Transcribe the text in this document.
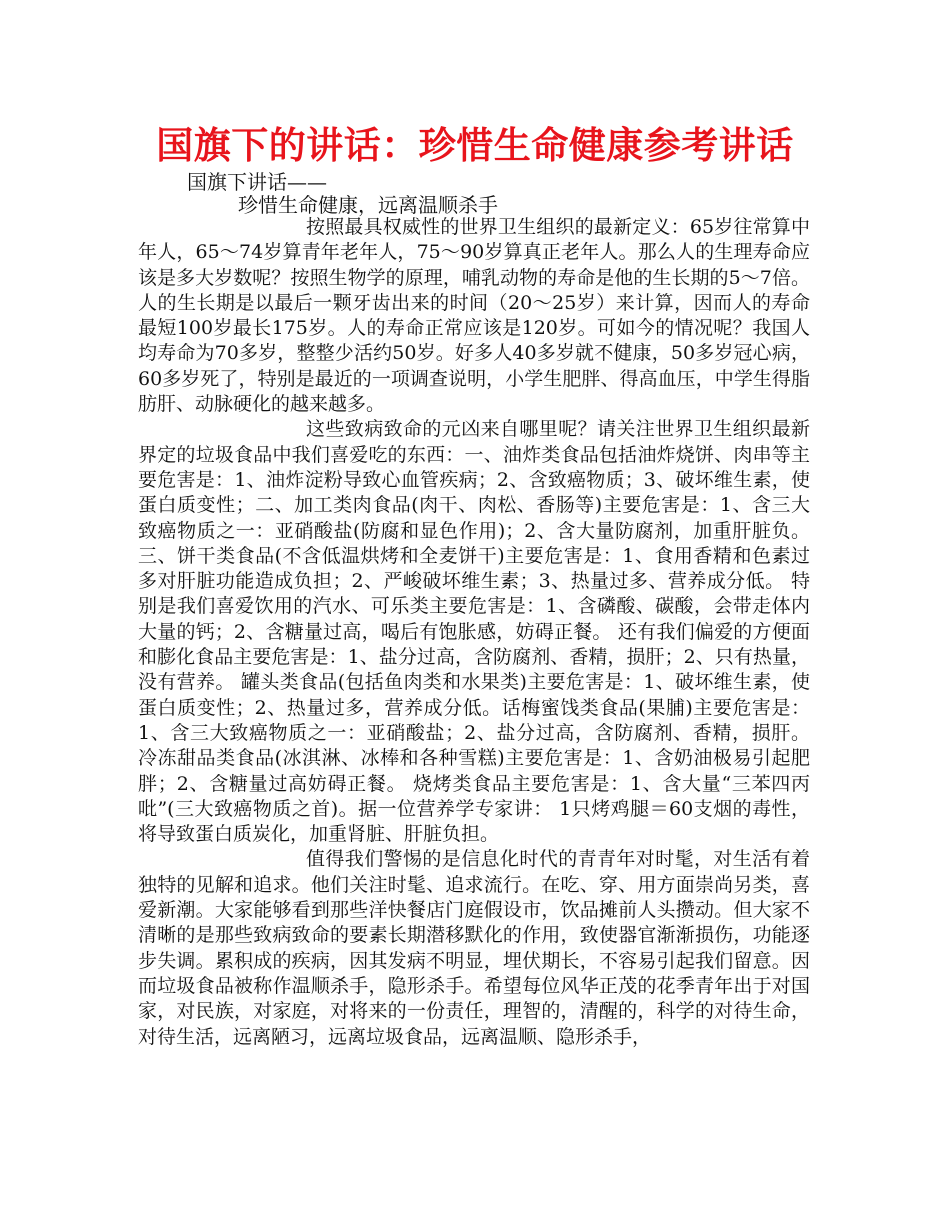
国旗下的讲话：珍惜生命健康参考讲话
国旗下讲话——
珍惜生命健康，远离温顺杀手

按照最具权威性的世界卫生组织的最新定义：65岁往常算中年人，65～74岁算青年老年人，75～90岁算真正老年人。那么人的生理寿命应该是多大岁数呢？按照生物学的原理，哺乳动物的寿命是他的生长期的5～7倍。人的生长期是以最后一颗牙齿出来的时间（20～25岁）来计算，因而人的寿命最短100岁最长175岁。人的寿命正常应该是120岁。可如今的情况呢？我国人均寿命为70多岁，整整少活约50岁。好多人40多岁就不健康，50多岁冠心病，60多岁死了，特别是最近的一项调查说明，小学生肥胖、得高血压，中学生得脂肪肝、动脉硬化的越来越多。

这些致病致命的元凶来自哪里呢？请关注世界卫生组织最新界定的垃圾食品中我们喜爱吃的东西：一、油炸类食品包括油炸烧饼、肉串等主要危害是：1、油炸淀粉导致心血管疾病；2、含致癌物质；3、破坏维生素，使蛋白质变性；二、加工类肉食品(肉干、肉松、香肠等)主要危害是：1、含三大致癌物质之一：亚硝酸盐(防腐和显色作用)；2、含大量防腐剂，加重肝脏负。三、饼干类食品(不含低温烘烤和全麦饼干)主要危害是：1、食用香精和色素过多对肝脏功能造成负担；2、严峻破坏维生素；3、热量过多、营养成分低。 特别是我们喜爱饮用的汽水、可乐类主要危害是：1、含磷酸、碳酸，会带走体内大量的钙；2、含糖量过高，喝后有饱胀感，妨碍正餐。 还有我们偏爱的方便面和膨化食品主要危害是：1、盐分过高，含防腐剂、香精，损肝；2、只有热量，没有营养。 罐头类食品(包括鱼肉类和水果类)主要危害是：1、破坏维生素，使蛋白质变性；2、热量过多，营养成分低。话梅蜜饯类食品(果脯)主要危害是：1、含三大致癌物质之一：亚硝酸盐；2、盐分过高，含防腐剂、香精，损肝。 冷冻甜品类食品(冰淇淋、冰棒和各种雪糕)主要危害是：1、含奶油极易引起肥胖；2、含糖量过高妨碍正餐。 烧烤类食品主要危害是：1、含大量“三苯四丙吡”(三大致癌物质之首)。据一位营养学专家讲： 1只烤鸡腿＝60支烟的毒性，将导致蛋白质炭化，加重肾脏、肝脏负担。

值得我们警惕的是信息化时代的青青年对时髦，对生活有着独特的见解和追求。他们关注时髦、追求流行。在吃、穿、用方面崇尚另类，喜爱新潮。大家能够看到那些洋快餐店门庭假设市，饮品摊前人头攒动。但大家不清晰的是那些致病致命的要素长期潜移默化的作用，致使器官渐渐损伤，功能逐步失调。累积成的疾病，因其发病不明显，埋伏期长，不容易引起我们留意。因而垃圾食品被称作温顺杀手，隐形杀手。希望每位风华正茂的花季青年出于对国家，对民族，对家庭，对将来的一份责任，理智的，清醒的，科学的对待生命，对待生活，远离陋习，远离垃圾食品，远离温顺、隐形杀手，
